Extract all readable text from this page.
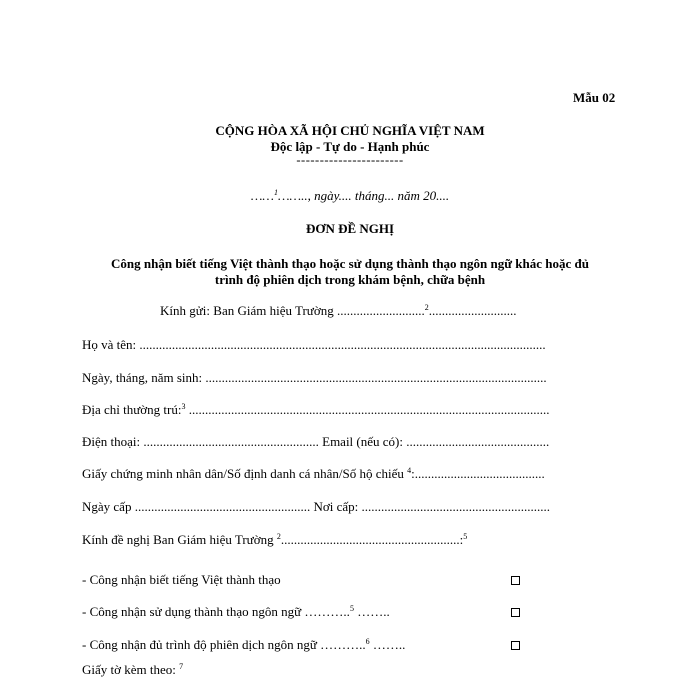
Mẫu 02
CỘNG HÒA XÃ HỘI CHỦ NGHĨA VIỆT NAM
Độc lập - Tự do - Hạnh phúc
-----------------------
……$^1$…….., ngày.... tháng... năm 20....
ĐƠN ĐỀ NGHỊ
Công nhận biết tiếng Việt thành thạo hoặc sử dụng thành thạo ngôn ngữ khác hoặc đủ
trình độ phiên dịch trong khám bệnh, chữa bệnh
Kính gửi: Ban Giám hiệu Trường ...........................$^2$...........................
Họ và tên: .............................................................................................................................
Ngày, tháng, năm sinh: .........................................................................................................
Địa chỉ thường trú:$^3$ ...............................................................................................................
Điện thoại: ...................................................... Email (nếu có): ............................................
Giấy chứng minh nhân dân/Số định danh cá nhân/Số hộ chiếu $^4$:........................................
Ngày cấp ...................................................... Nơi cấp: ..........................................................
Kính đề nghị Ban Giám hiệu Trường $^2$.......................................................:$^5$
- Công nhận biết tiếng Việt thành thạo
- Công nhận sử dụng thành thạo ngôn ngữ ………..$^5$ ……..
- Công nhận đủ trình độ phiên dịch ngôn ngữ ………..$^6$ ……..
Giấy tờ kèm theo: $^7$
